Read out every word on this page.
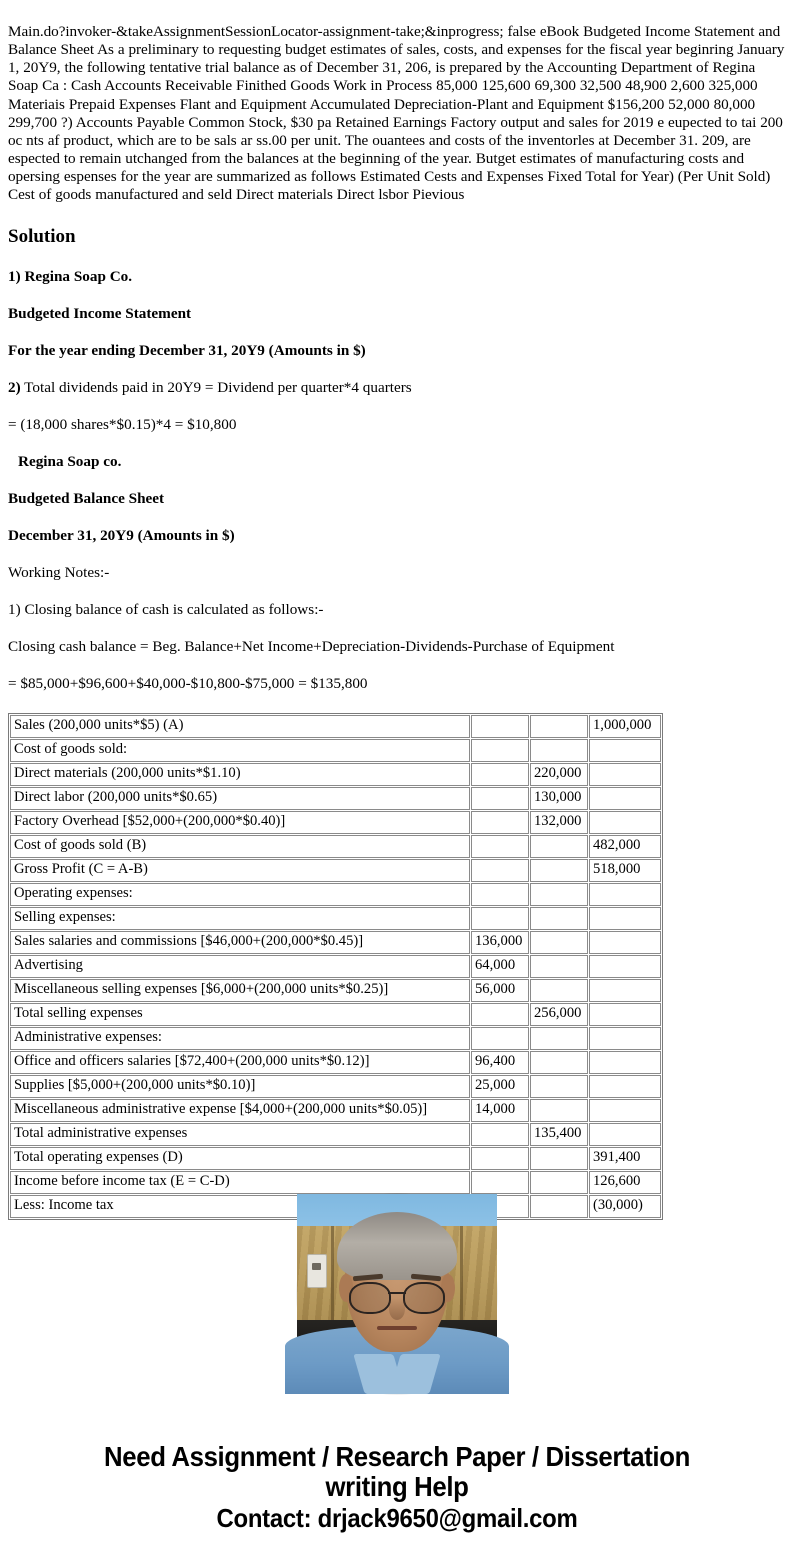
Main.do?invoker-&takeAssignmentSessionLocator-assignment-take;&inprogress; false eBook Budgeted Income Statement and Balance Sheet As a preliminary to requesting budget estimates of sales, costs, and expenses for the fiscal year beginring January 1, 20Y9, the following tentative trial balance as of December 31, 206, is prepared by the Accounting Department of Regina Soap Ca : Cash Accounts Receivable Finithed Goods Work in Process 85,000 125,600 69,300 32,500 48,900 2,600 325,000 Materiais Prepaid Expenses Flant and Equipment Accumulated Depreciation-Plant and Equipment $156,200 52,000 80,000 299,700 ?) Accounts Payable Common Stock, $30 pa Retained Earnings Factory output and sales for 2019 e eupected to tai 200 oc nts af product, which are to be sals ar ss.00 per unit. The ouantees and costs of the inventorles at December 31. 209, are espected to remain utchanged from the balances at the beginning of the year. Butget estimates of manufacturing costs and opersing espenses for the year are summarized as follows Estimated Cests and Expenses Fixed Total for Year) (Per Unit Sold) Cest of goods manufactured and seld Direct materials Direct lsbor Pievious

Solution

1) Regina Soap Co.

Budgeted Income Statement

For the year ending December 31, 20Y9 (Amounts in $)

2) Total dividends paid in 20Y9 = Dividend per quarter*4 quarters

= (18,000 shares*$0.15)*4 = $10,800

Regina Soap co.

Budgeted Balance Sheet

December 31, 20Y9 (Amounts in $)

Working Notes:-

1) Closing balance of cash is calculated as follows:-

Closing cash balance = Beg. Balance+Net Income+Depreciation-Dividends-Purchase of Equipment

= $85,000+$96,600+$40,000-$10,800-$75,000 = $135,800

Sales (200,000 units*$5) (A)			1,000,000
Cost of goods sold:			
Direct materials (200,000 units*$1.10)		220,000	
Direct labor (200,000 units*$0.65)		130,000	
Factory Overhead [$52,000+(200,000*$0.40)]		132,000	
Cost of goods sold (B)			482,000
Gross Profit (C = A-B)			518,000
Operating expenses:			
Selling expenses:			
Sales salaries and commissions [$46,000+(200,000*$0.45)]	136,000		
Advertising	64,000		
Miscellaneous selling expenses [$6,000+(200,000 units*$0.25)]	56,000		
Total selling expenses		256,000	
Administrative expenses:			
Office and officers salaries [$72,400+(200,000 units*$0.12)]	96,400		
Supplies [$5,000+(200,000 units*$0.10)]	25,000		
Miscellaneous administrative expense [$4,000+(200,000 units*$0.05)]	14,000		
Total administrative expenses		135,400	
Total operating expenses (D)			391,400
Income before income tax (E = C-D)			126,600
Less: Income tax			(30,000)
Need Assignment / Research Paper / Dissertation
writing Help
Contact: drjack9650@gmail.com
